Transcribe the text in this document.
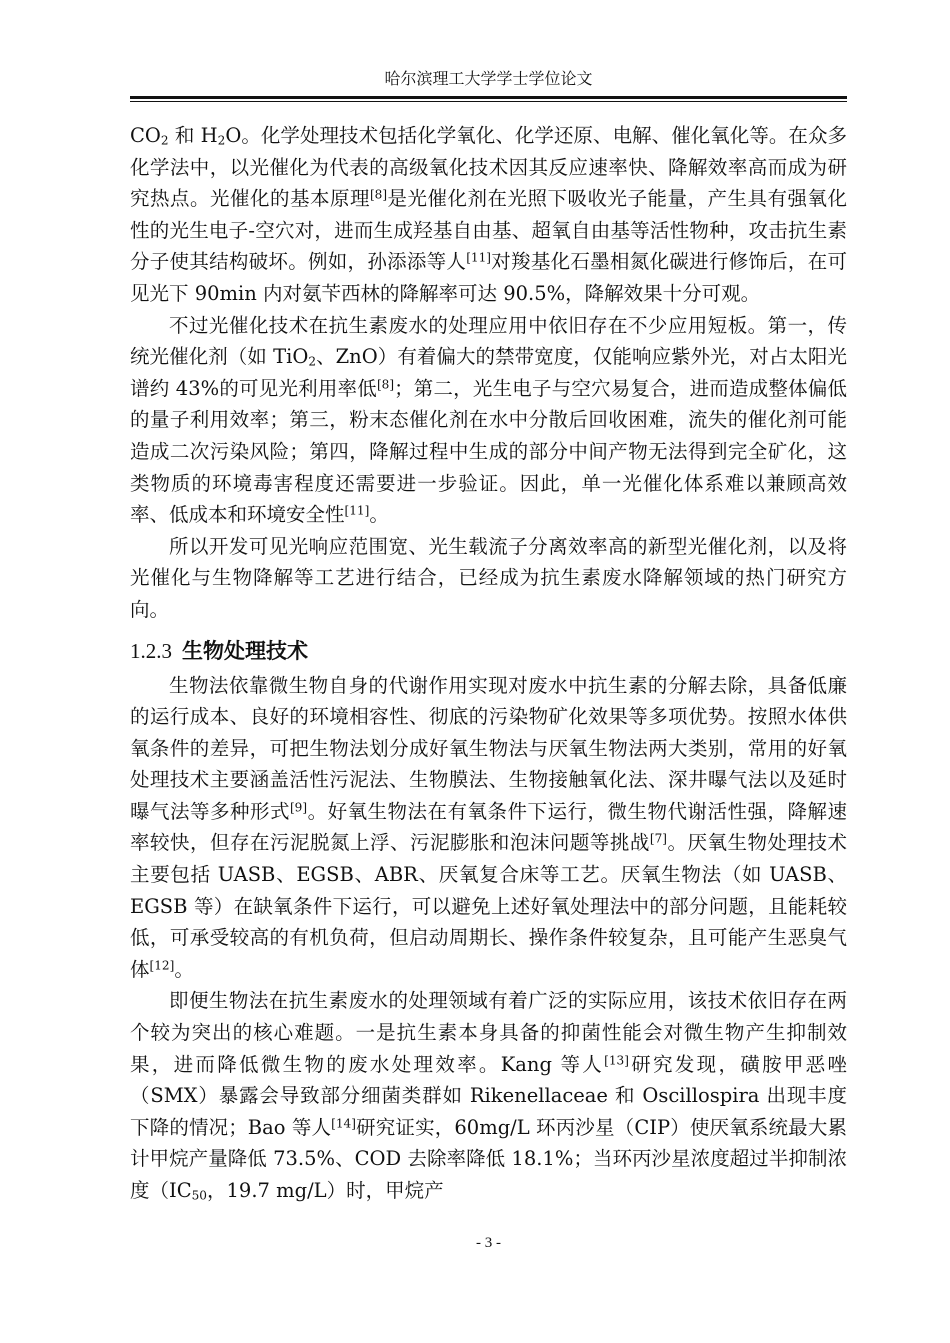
哈尔滨理工大学学士学位论文

$CO_2$ 和 $H_2O$。化学处理技术包括化学氧化、化学还原、电解、催化氧化等。在众多化学法中，以光催化为代表的高级氧化技术因其反应速率快、降解效率高而成为研究热点。光催化的基本原理[8]是光催化剂在光照下吸收光子能量，产生具有强氧化性的光生电子-空穴对，进而生成羟基自由基、超氧自由基等活性物种，攻击抗生素分子使其结构破坏。例如，孙添添等人[11]对羧基化石墨相氮化碳进行修饰后，在可见光下 90min 内对氨苄西林的降解率可达 90.5%，降解效果十分可观。

不过光催化技术在抗生素废水的处理应用中依旧存在不少应用短板。第一，传统光催化剂（如 TiO$_2$、ZnO）有着偏大的禁带宽度，仅能响应紫外光，对占太阳光谱约 43%的可见光利用率低[8]；第二，光生电子与空穴易复合，进而造成整体偏低的量子利用效率；第三，粉末态催化剂在水中分散后回收困难，流失的催化剂可能造成二次污染风险；第四，降解过程中生成的部分中间产物无法得到完全矿化，这类物质的环境毒害程度还需要进一步验证。因此，单一光催化体系难以兼顾高效率、低成本和环境安全性[11]。

所以开发可见光响应范围宽、光生载流子分离效率高的新型光催化剂，以及将光催化与生物降解等工艺进行结合，已经成为抗生素废水降解领域的热门研究方向。

1.2.3 生物处理技术

生物法依靠微生物自身的代谢作用实现对废水中抗生素的分解去除，具备低廉的运行成本、良好的环境相容性、彻底的污染物矿化效果等多项优势。按照水体供氧条件的差异，可把生物法划分成好氧生物法与厌氧生物法两大类别，常用的好氧处理技术主要涵盖活性污泥法、生物膜法、生物接触氧化法、深井曝气法以及延时曝气法等多种形式[9]。好氧生物法在有氧条件下运行，微生物代谢活性强，降解速率较快，但存在污泥脱氮上浮、污泥膨胀和泡沫问题等挑战[7]。厌氧生物处理技术主要包括 UASB、EGSB、ABR、厌氧复合床等工艺。厌氧生物法（如 UASB、EGSB 等）在缺氧条件下运行，可以避免上述好氧处理法中的部分问题，且能耗较低，可承受较高的有机负荷，但启动周期长、操作条件较复杂，且可能产生恶臭气体[12]。

即便生物法在抗生素废水的处理领域有着广泛的实际应用，该技术依旧存在两个较为突出的核心难题。一是抗生素本身具备的抑菌性能会对微生物产生抑制效果，进而降低微生物的废水处理效率。Kang 等人[13]研究发现，磺胺甲恶唑（SMX）暴露会导致部分细菌类群如 Rikenellaceae 和 Oscillospira 出现丰度下降的情况；Bao 等人[14]研究证实，60mg/L 环丙沙星（CIP）使厌氧系统最大累计甲烷产量降低 73.5%、COD 去除率降低 18.1%；当环丙沙星浓度超过半抑制浓度（$IC_{50}$，19.7 mg/L）时，甲烷产

- 3 -
